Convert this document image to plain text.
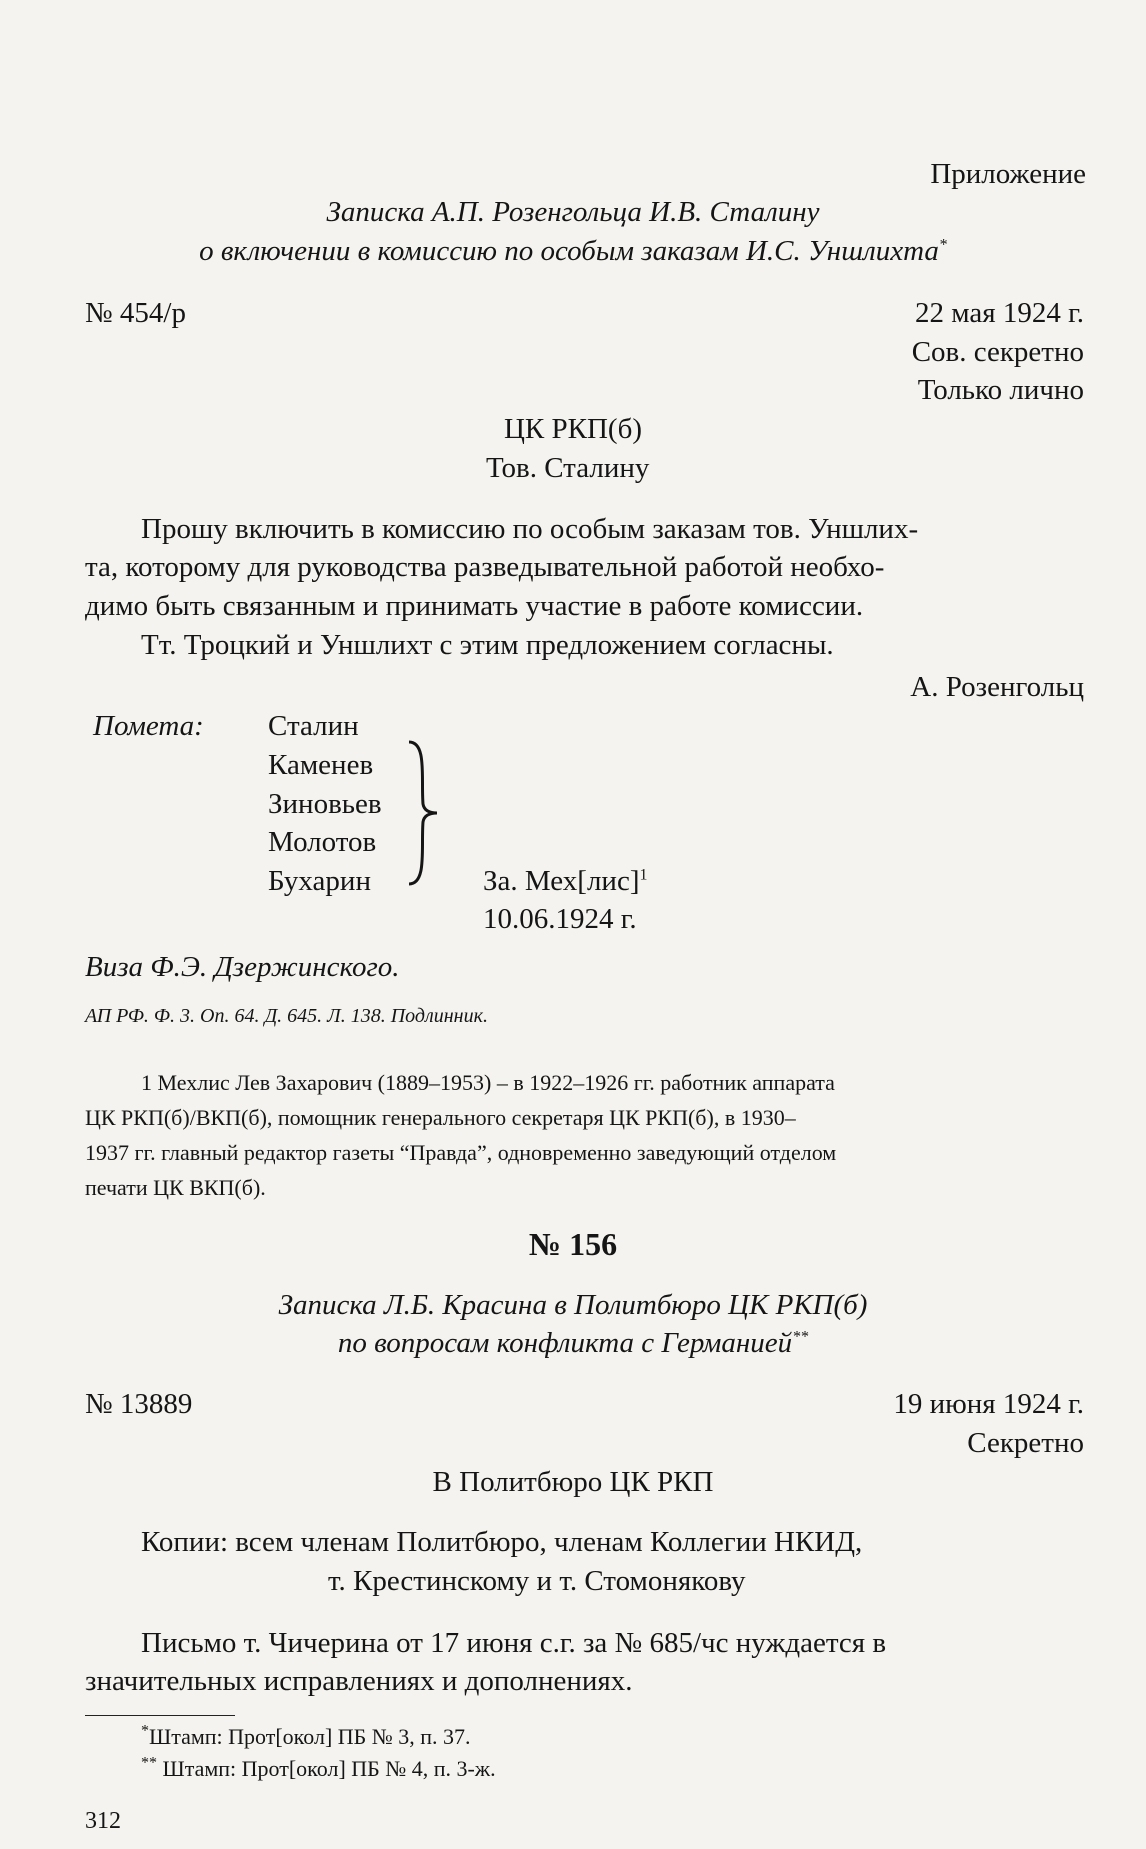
Приложение
Записка А.П. Розенгольца И.В. Сталину
о включении в комиссию по особым заказам И.С. Уншлихта*
№ 454/р	22 мая 1924 г.
Сов. секретно
Только лично
ЦК РКП(б)
Тов. Сталину
Прошу включить в комиссию по особым заказам тов. Уншлих-
та, которому для руководства разведывательной работой необхо-
димо быть связанным и принимать участие в работе комиссии.
Тт. Троцкий и Уншлихт с этим предложением согласны.
А. Розенгольц
Помета: Сталин
Каменев
Зиновьев
Молотов
Бухарин	За. Мех[лис]$^1$
10.06.1924 г.
Виза Ф.Э. Дзержинского.
АП РФ. Ф. 3. Оп. 64. Д. 645. Л. 138. Подлинник.
1 Мехлис Лев Захарович (1889–1953) – в 1922–1926 гг. работник аппарата
ЦК РКП(б)/ВКП(б), помощник генерального секретаря ЦК РКП(б), в 1930–
1937 гг. главный редактор газеты “Правда”, одновременно заведующий отделом
печати ЦК ВКП(б).
№ 156
Записка Л.Б. Красина в Политбюро ЦК РКП(б)
по вопросам конфликта с Германией**
№ 13889	19 июня 1924 г.
Секретно
В Политбюро ЦК РКП
Копии: всем членам Политбюро, членам Коллегии НКИД,
т. Крестинскому и т. Стомонякову
Письмо т. Чичерина от 17 июня с.г. за № 685/чс нуждается в
значительных исправлениях и дополнениях.
*Штамп: Прот[окол] ПБ № 3, п. 37.
** Штамп: Прот[окол] ПБ № 4, п. 3-ж.
312
